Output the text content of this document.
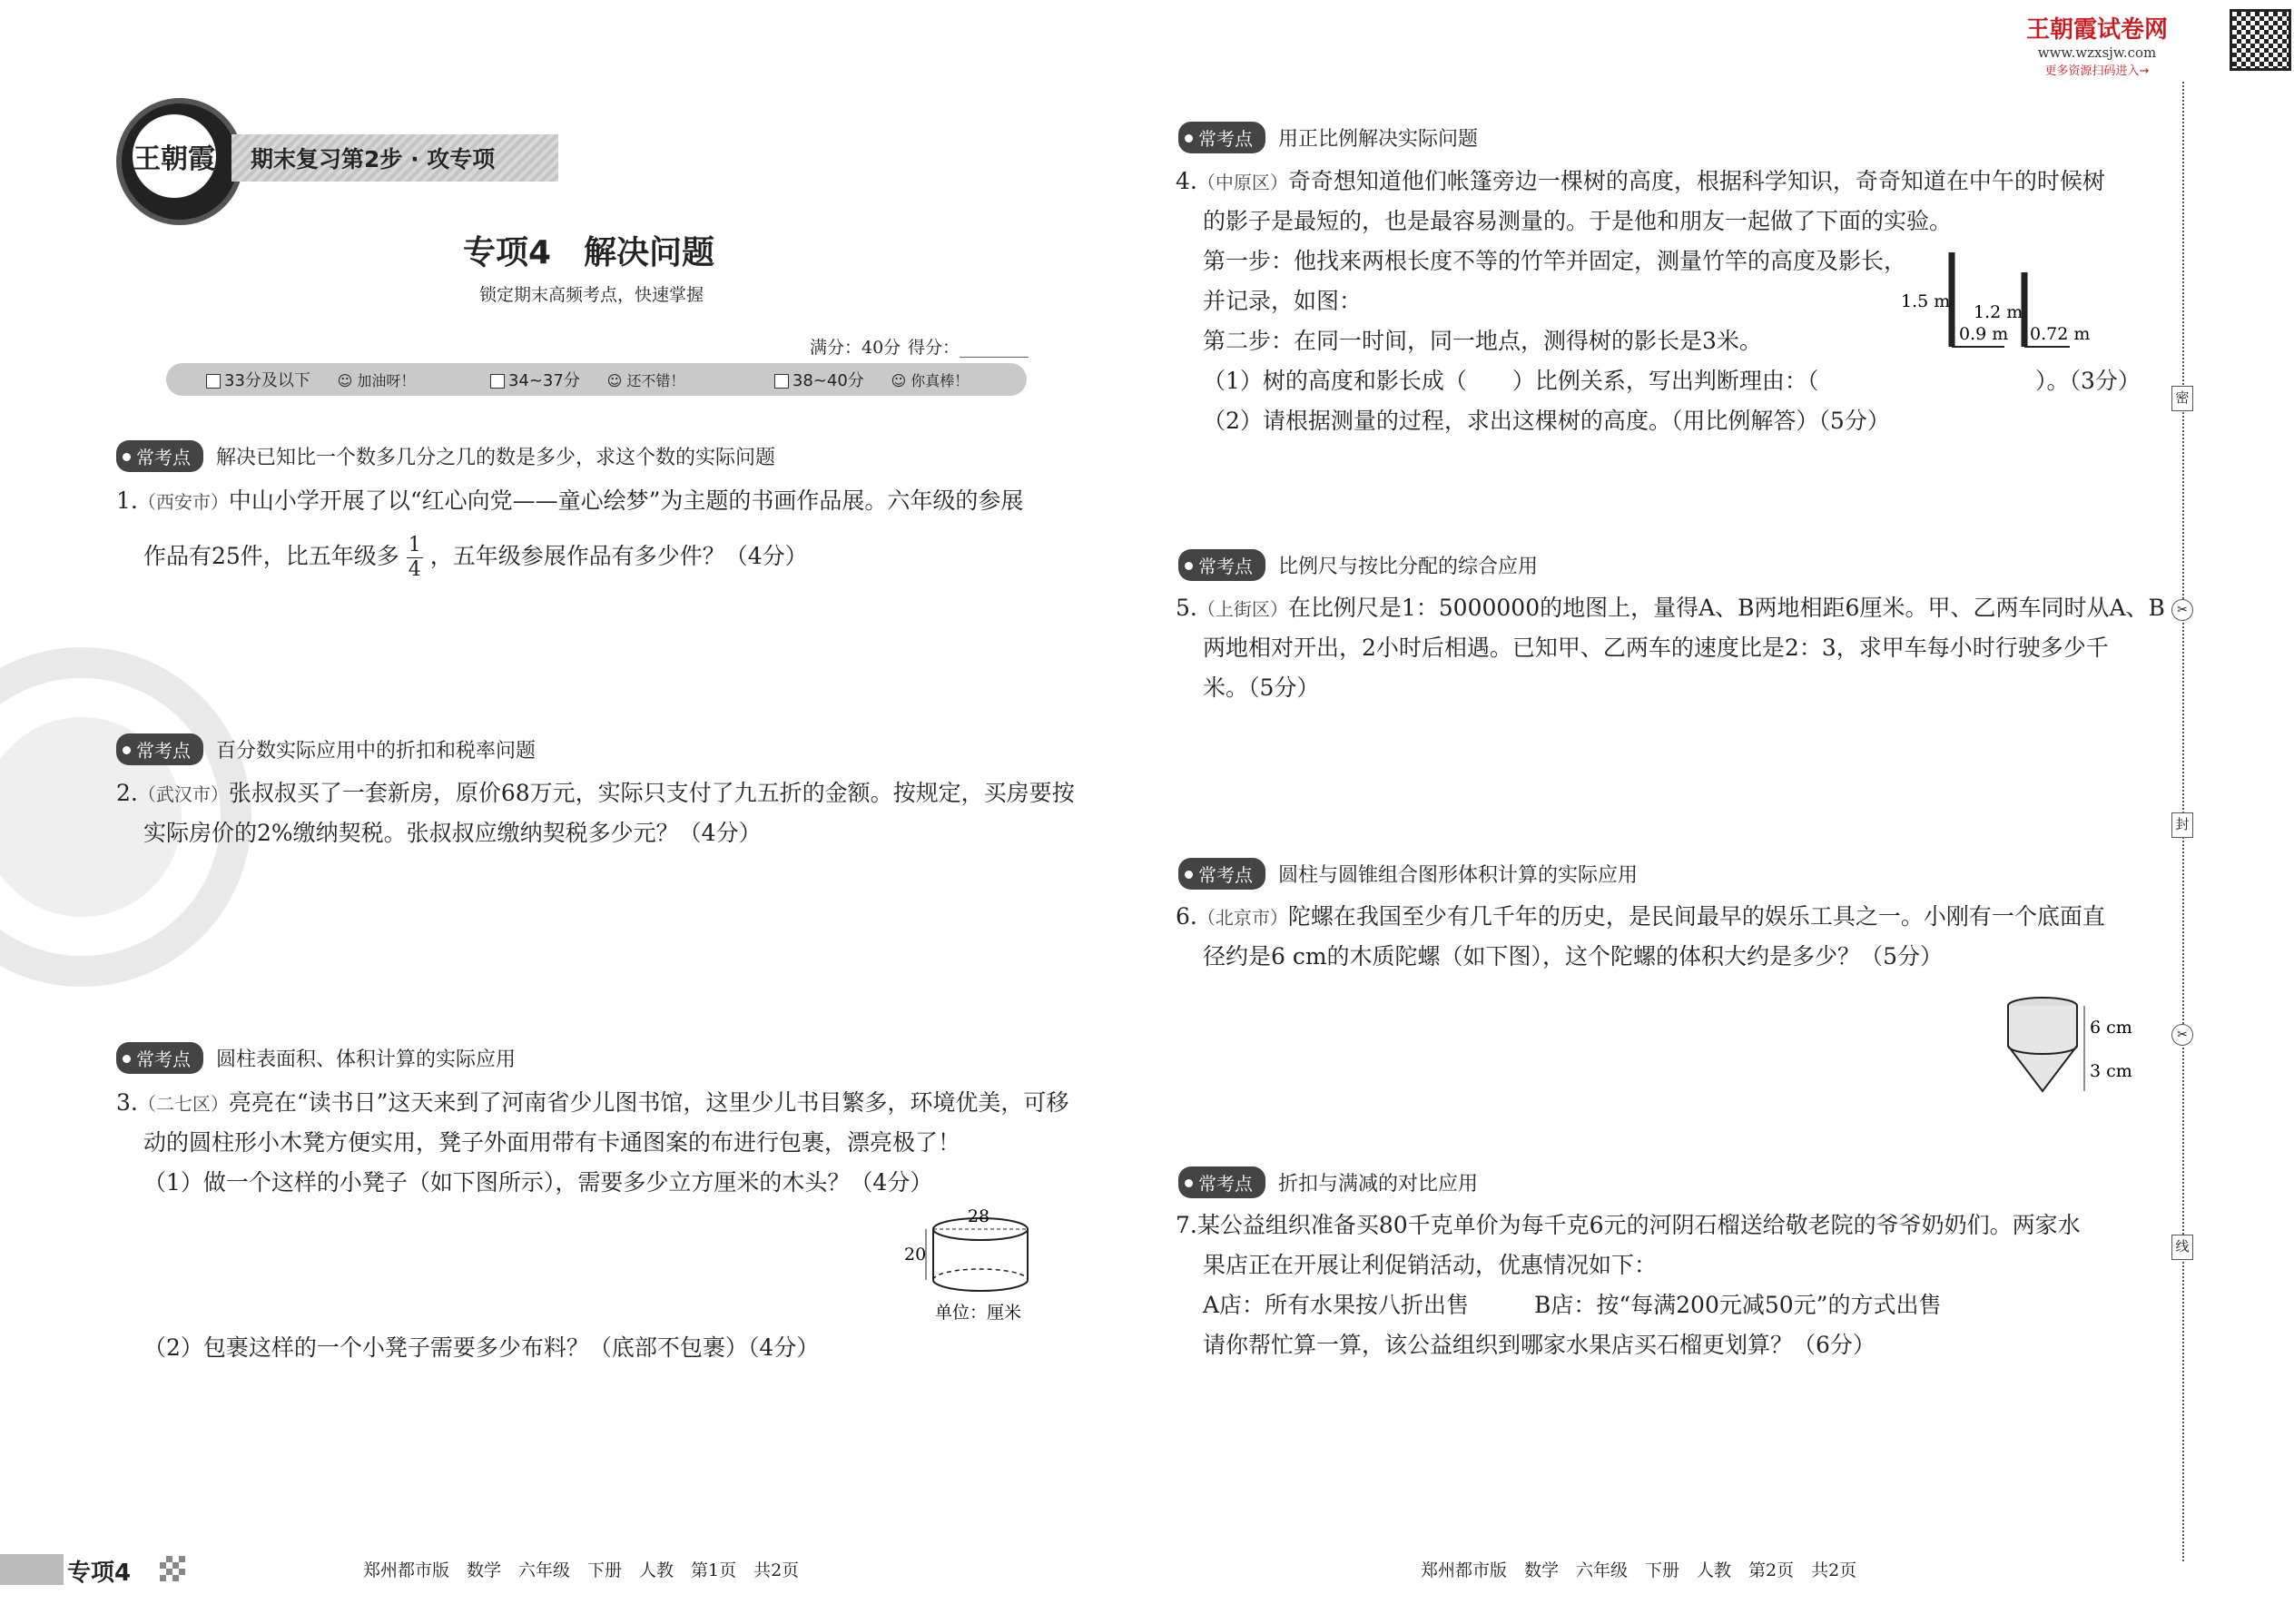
王朝霞 期末复习第2步 · 攻专项
专项4　解决问题
锁定期末高频考点，快速掌握
满分：40分 得分：________
33分及以下 ☺ 加油呀！	34~37分 ☺ 还不错！	38~40分 ☺ 你真棒！
常考点	解决已知比一个数多几分之几的数是多少，求这个数的实际问题
1.（西安市）中山小学开展了以“红心向党——童心绘梦”为主题的书画作品展。六年级的参展
作品有25件，比五年级多 $\frac{1}{4}$ ，五年级参展作品有多少件？（4分）
常考点	百分数实际应用中的折扣和税率问题
2.（武汉市）张叔叔买了一套新房，原价68万元，实际只支付了九五折的金额。按规定，买房要按
实际房价的2%缴纳契税。张叔叔应缴纳契税多少元？（4分）
常考点	圆柱表面积、体积计算的实际应用
3.（二七区）亮亮在“读书日”这天来到了河南省少儿图书馆，这里少儿书目繁多，环境优美，可移
动的圆柱形小木凳方便实用，凳子外面用带有卡通图案的布进行包裹，漂亮极了！
（1）做一个这样的小凳子（如下图所示），需要多少立方厘米的木头？（4分）
28
20
单位：厘米
（2）包裹这样的一个小凳子需要多少布料？（底部不包裹）（4分）
王朝霞试卷网
www.wzxsjw.com
更多资源扫码进入→
常考点	用正比例解决实际问题
4.（中原区）奇奇想知道他们帐篷旁边一棵树的高度，根据科学知识，奇奇知道在中午的时候树
的影子是最短的，也是最容易测量的。于是他和朋友一起做了下面的实验。
第一步：他找来两根长度不等的竹竿并固定，测量竹竿的高度及影长，
并记录，如图：
第二步：在同一时间，同一地点，测得树的影长是3米。
（1）树的高度和影长成（　　）比例关系，写出判断理由：（	）。（3分）
（2）请根据测量的过程，求出这棵树的高度。（用比例解答）（5分）
1.5 m
0.9 m
1.2 m
0.72 m
常考点	比例尺与按比分配的综合应用
5.（上街区）在比例尺是1：5000000的地图上，量得A、B两地相距6厘米。甲、乙两车同时从A、B
两地相对开出，2小时后相遇。已知甲、乙两车的速度比是2：3，求甲车每小时行驶多少千
米。（5分）
常考点	圆柱与圆锥组合图形体积计算的实际应用
6.（北京市）陀螺在我国至少有几千年的历史，是民间最早的娱乐工具之一。小刚有一个底面直
径约是6 cm的木质陀螺（如下图），这个陀螺的体积大约是多少？（5分）
6 cm
3 cm
常考点	折扣与满减的对比应用
7.某公益组织准备买80千克单价为每千克6元的河阴石榴送给敬老院的爷爷奶奶们。两家水
果店正在开展让利促销活动，优惠情况如下：
A店：所有水果按八折出售	B店：按“每满200元减50元”的方式出售
请你帮忙算一算，该公益组织到哪家水果店买石榴更划算？（6分）
密
封
线
✂
✂
专项4	郑州都市版　数学　六年级　下册　人教　第1页　共2页	郑州都市版　数学　六年级　下册　人教　第2页　共2页
